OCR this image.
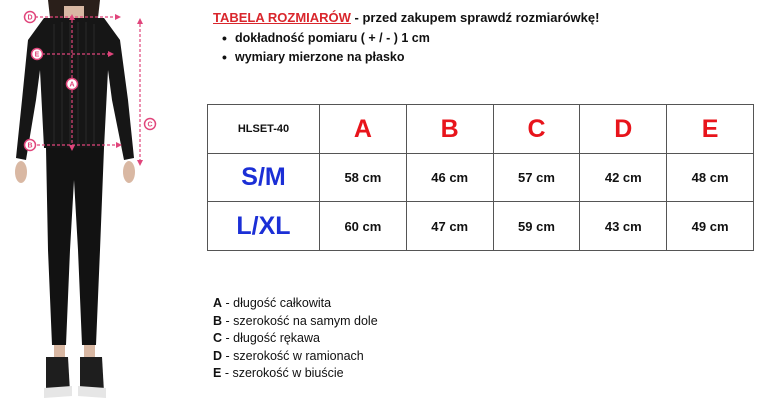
D
E
A
C
B
TABELA ROZMIARÓW - przed zakupem sprawdź rozmiarówkę!
• dokładność pomiaru ( + / - ) 1 cm
• wymiary mierzone na płasko
HLSET-40	A	B	C	D	E
S/M	58 cm	46 cm	57 cm	42 cm	48 cm
L/XL	60 cm	47 cm	59 cm	43 cm	49 cm
A - długość całkowita
B - szerokość na samym dole
C - długość rękawa
D - szerokość w ramionach
E - szerokość w biuście
